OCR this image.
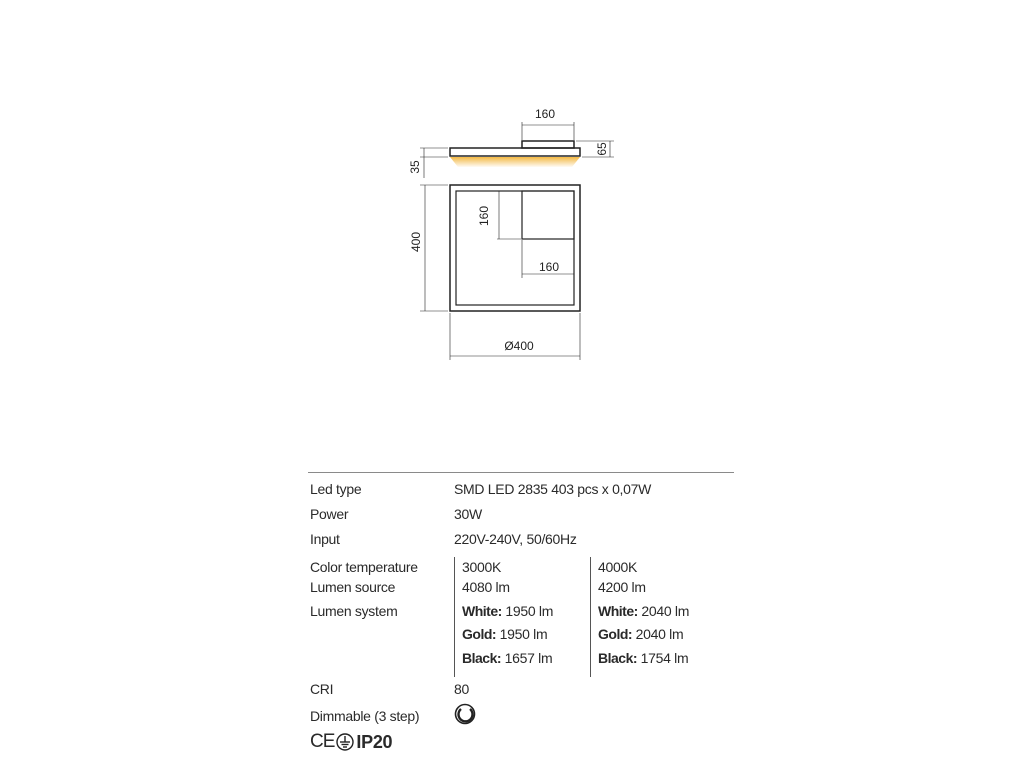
160
65
35
400
160
160
Ø400
Led type	SMD LED 2835 403 pcs x 0,07W
Power	30W
Input	220V-240V, 50/60Hz
Color temperature	3000K	4000K
Lumen source	4080 lm	4200 lm
Lumen system	White: 1950 lm	White: 2040 lm
Gold: 1950 lm	Gold: 2040 lm
Black: 1657 lm	Black: 1754 lm
CRI	80
Dimmable (3 step)
CE IP20
